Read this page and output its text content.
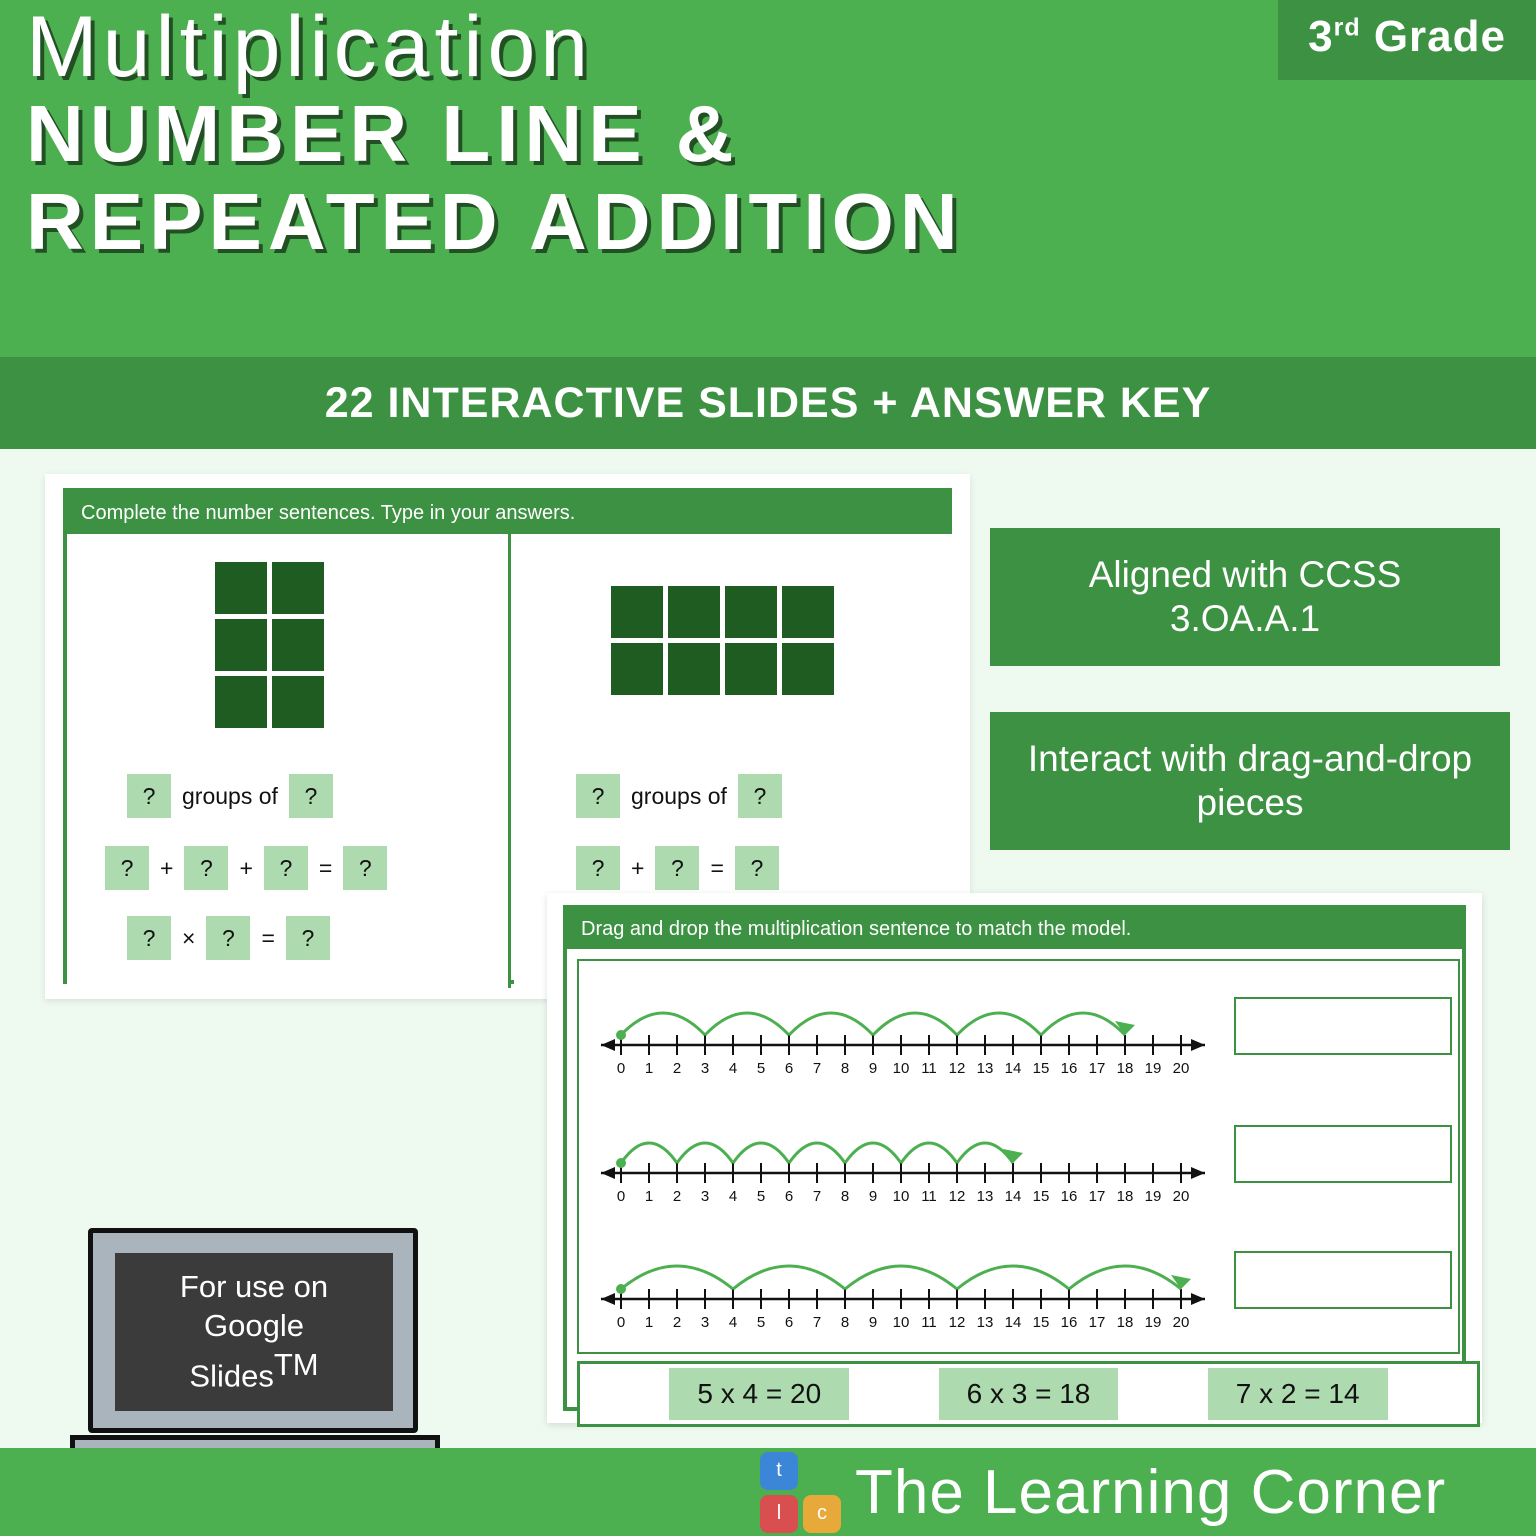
Multiplication
NUMBER LINE &
REPEATED ADDITION
3rd Grade
22 INTERACTIVE SLIDES + ANSWER KEY
Complete the number sentences. Type in your answers.
?	groups of	?
?	+	?	+	?	=	?
?	×	?	=	?
?	groups of	?
?	+	?	=	?
Aligned with CCSS 3.OA.A.1
Interact with drag-and-drop pieces
Drag and drop the multiplication sentence to match the model.
0 1 2 3 4 5 6 7 8 9 10 11 12 13 14 15 16 17 18 19 20
0 1 2 3 4 5 6 7 8 9 10 11 12 13 14 15 16 17 18 19 20
0 1 2 3 4 5 6 7 8 9 10 11 12 13 14 15 16 17 18 19 20
5 x 4 = 20	6 x 3 = 18	7 x 2 = 14
For use on
Google
SlidesTM
t
l	c The Learning Corner
